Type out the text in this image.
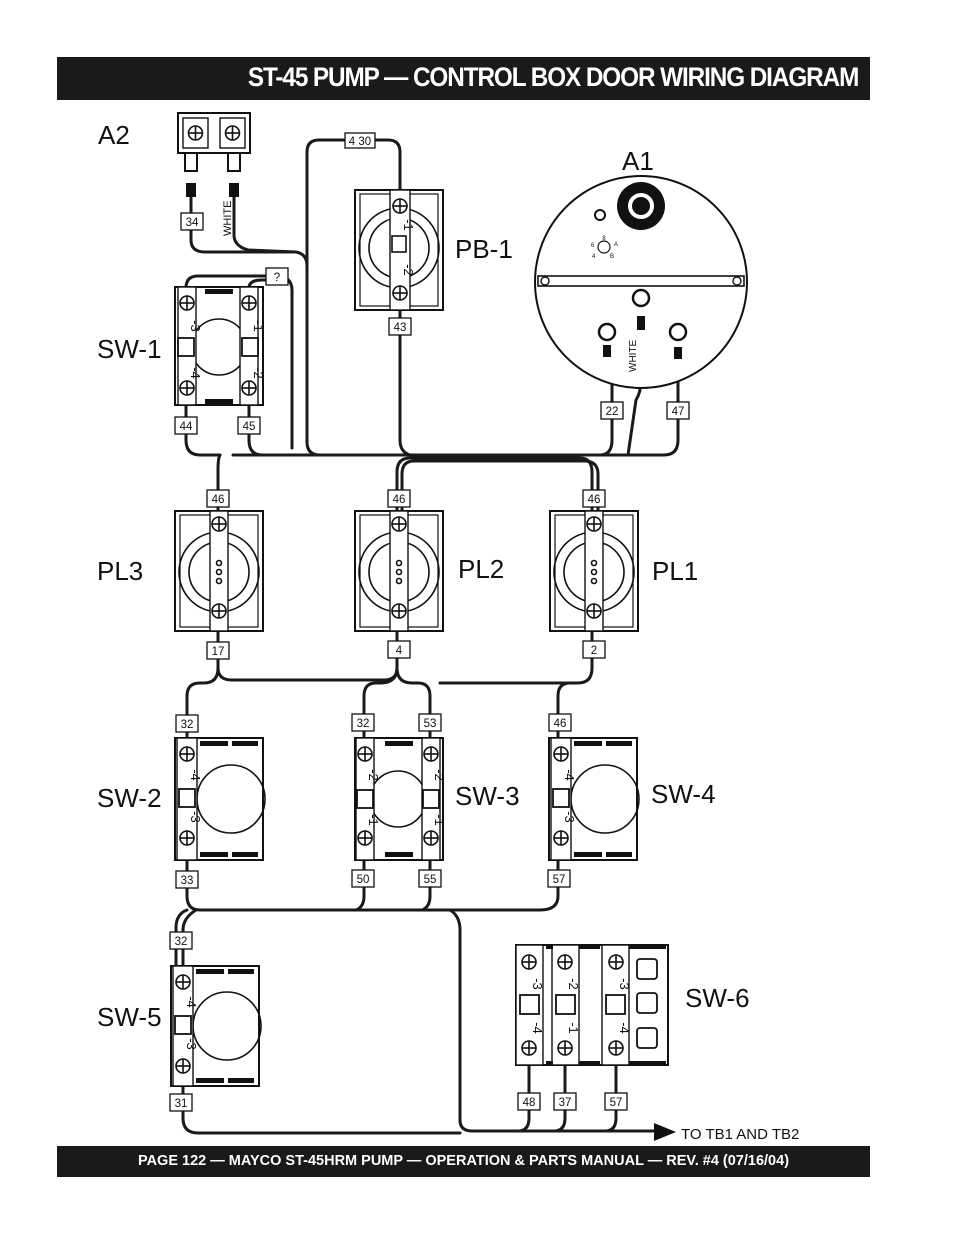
ST-45 PUMP — CONTROL BOX DOOR WIRING DIAGRAM
A2
WHITE	-1
-2
PB-1	8
A
B
6
4
A1
WHITE
-3
-4
-1
-2
SW-1
PL3	PL2	PL1
-4
-3
SW-2
-2
-1
-2
-1
SW-3
-4
-3
SW-4
-4
-3
SW-5
-3
-4
-2
-1
-3
-4
SW-6
34
4 30
?
43
22	47
44	45
46	46	46
17	4	2
32	32	53	46
33	50	55	57
32
31	48 37	57
TO TB1 AND TB2
PAGE 122 — MAYCO ST-45HRM PUMP — OPERATION & PARTS MANUAL — REV. #4 (07/16/04)
